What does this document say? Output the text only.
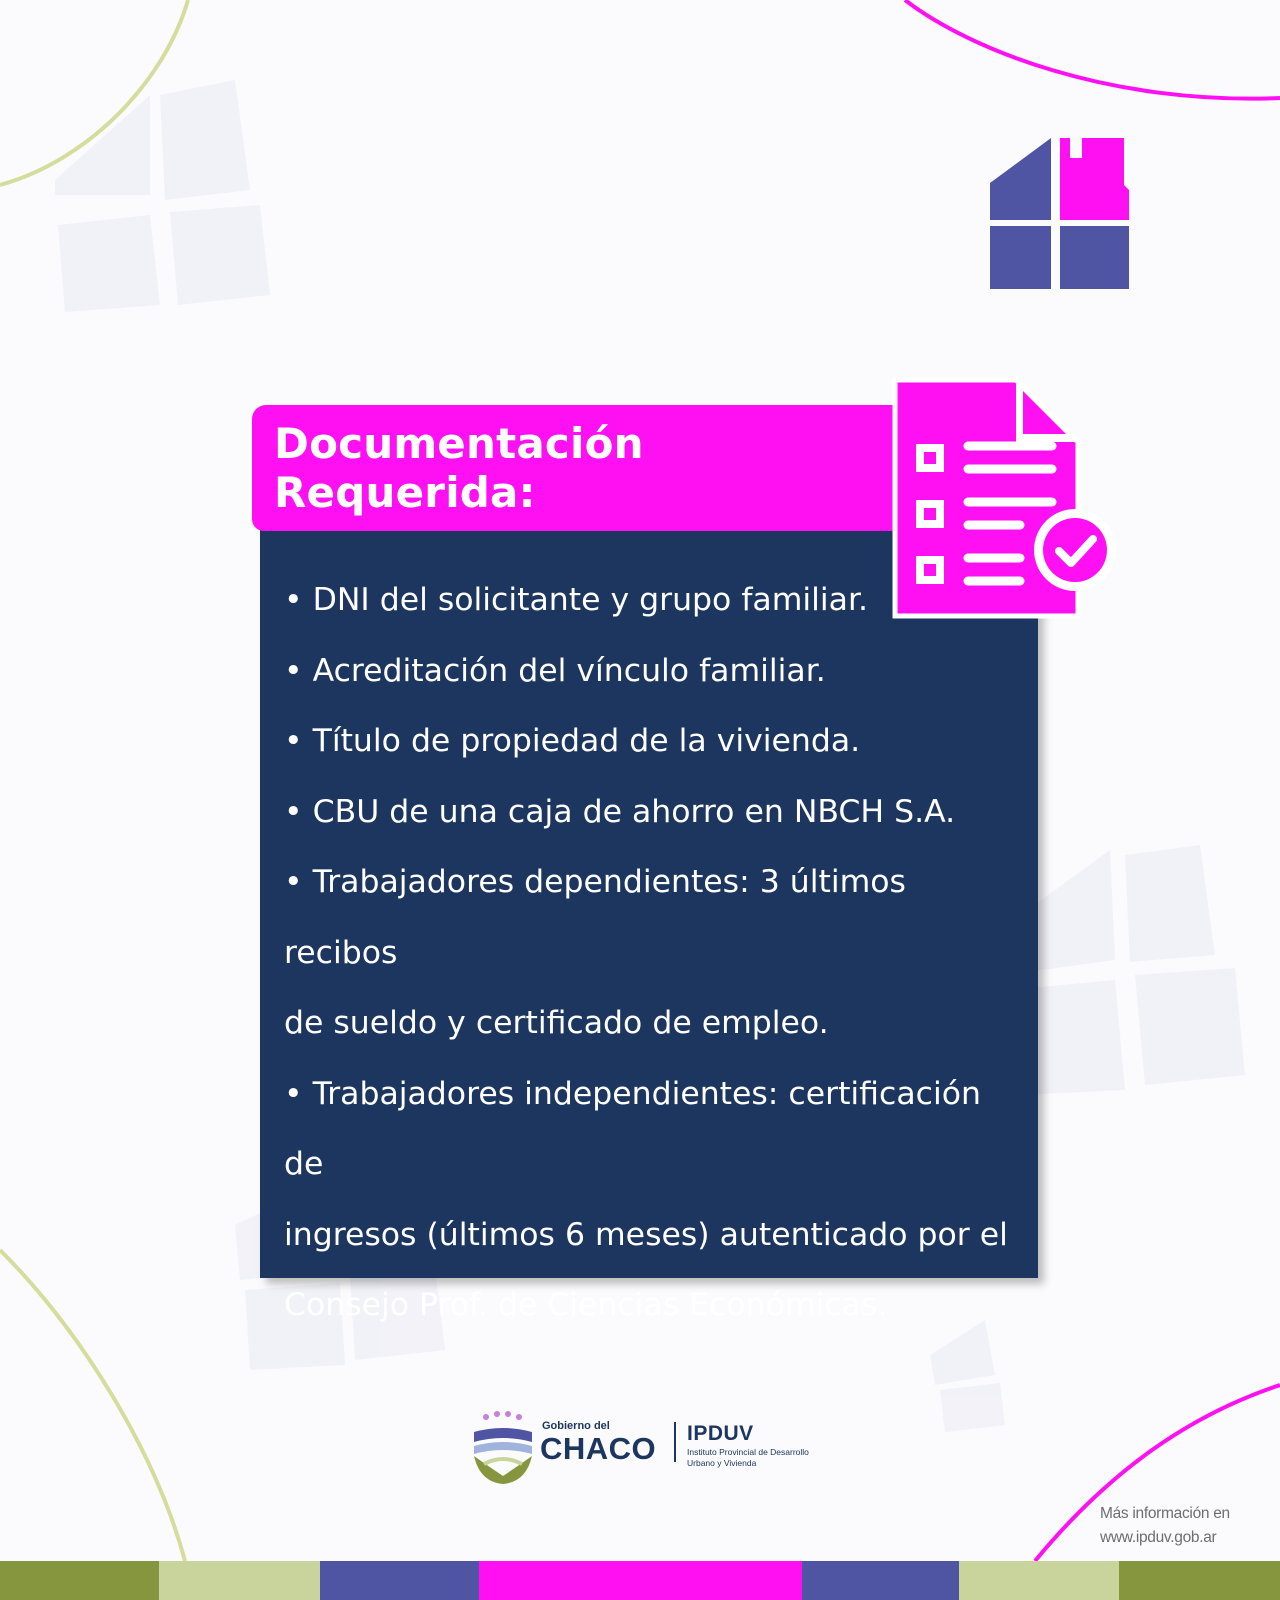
Documentación Requerida:
• DNI del solicitante y grupo familiar.
• Acreditación del vínculo familiar.
• Título de propiedad de la vivienda.
• CBU de una caja de ahorro en NBCH S.A.
• Trabajadores dependientes: 3 últimos recibos
de sueldo y certificado de empleo.
• Trabajadores independientes: certificación de
ingresos (últimos 6 meses) autenticado por el
Consejo Prof. de Ciencias Económicas.
Gobierno del
CHACO IPDUV
Instituto Provincial de Desarrollo Urbano y Vivienda
Más información en
www.ipduv.gob.ar
